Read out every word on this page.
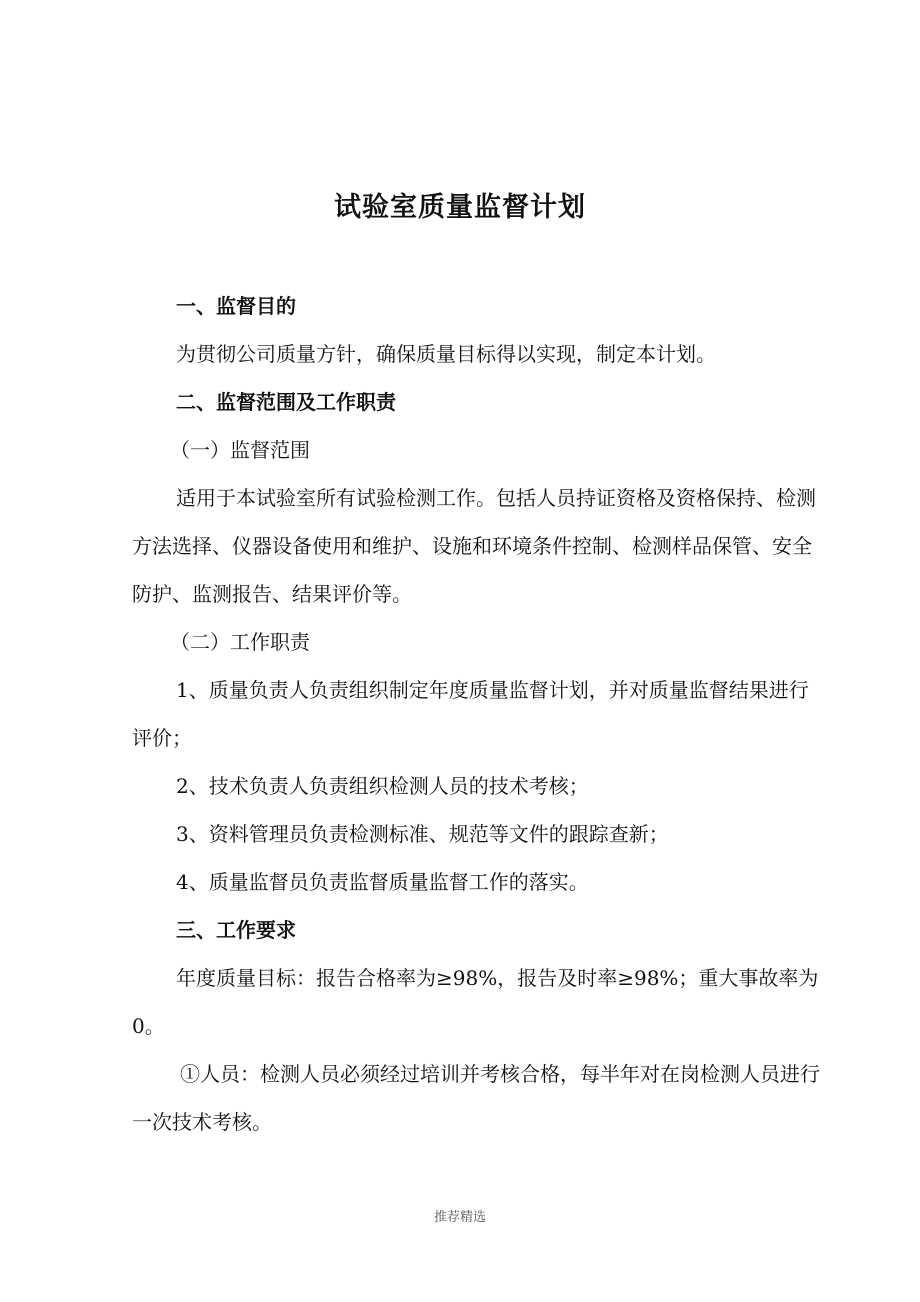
试验室质量监督计划

一、监督目的

为贯彻公司质量方针，确保质量目标得以实现，制定本计划。

二、监督范围及工作职责

（一）监督范围

适用于本试验室所有试验检测工作。包括人员持证资格及资格保持、检测方法选择、仪器设备使用和维护、设施和环境条件控制、检测样品保管、安全防护、监测报告、结果评价等。

（二）工作职责

1、质量负责人负责组织制定年度质量监督计划，并对质量监督结果进行评价；

2、技术负责人负责组织检测人员的技术考核；

3、资料管理员负责检测标准、规范等文件的跟踪查新；

4、质量监督员负责监督质量监督工作的落实。

三、工作要求

年度质量目标：报告合格率为≥98%，报告及时率≥98%；重大事故率为0。

①人员：检测人员必须经过培训并考核合格，每半年对在岗检测人员进行一次技术考核。

推荐精选
